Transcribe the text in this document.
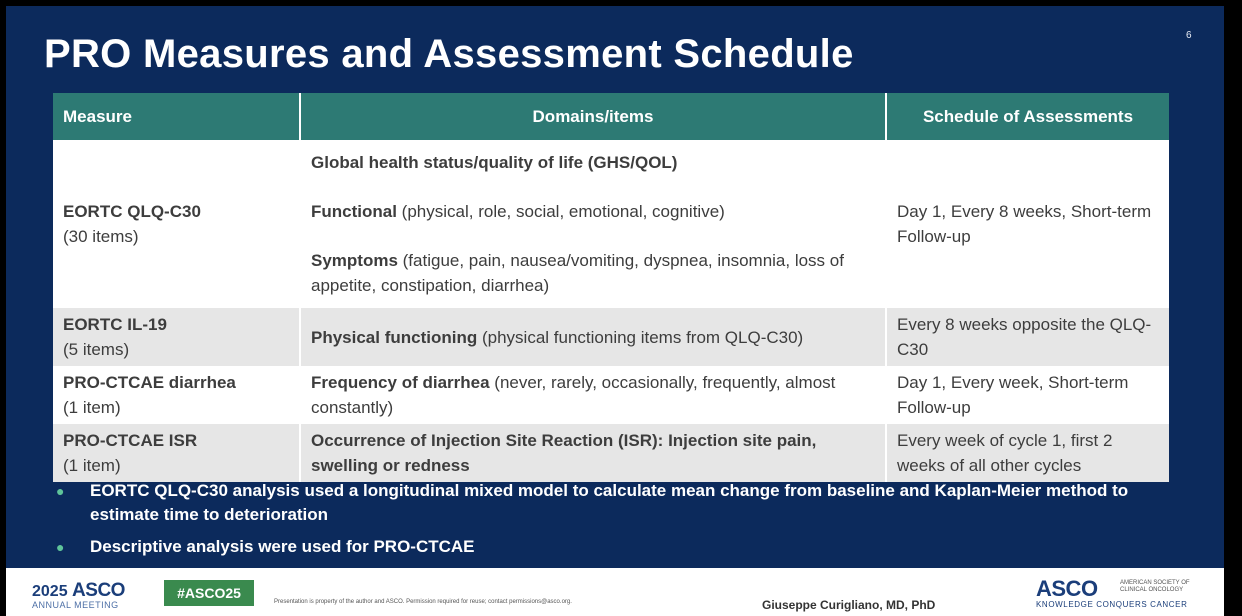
PRO Measures and Assessment Schedule	6
Measure	Domains/items	Schedule of Assessments
EORTC QLQ-C30
(30 items)	Global health status/quality of life (GHS/QOL)
Functional (physical, role, social, emotional, cognitive)
Symptoms (fatigue, pain, nausea/vomiting, dyspnea, insomnia, loss of appetite, constipation, diarrhea)	Day 1, Every 8 weeks, Short-term Follow-up
EORTC IL-19
(5 items)	Physical functioning (physical functioning items from QLQ-C30)	Every 8 weeks opposite the QLQ-C30
PRO-CTCAE diarrhea
(1 item)	Frequency of diarrhea (never, rarely, occasionally, frequently, almost constantly)	Day 1, Every week, Short-term Follow-up
PRO-CTCAE ISR
(1 item)	Occurrence of Injection Site Reaction (ISR): Injection site pain, swelling or redness	Every week of cycle 1, first 2 weeks of all other cycles
● EORTC QLQ-C30 analysis used a longitudinal mixed model to calculate mean change from baseline and Kaplan-Meier method to estimate time to deterioration
● Descriptive analysis were used for PRO-CTCAE
2025 ASCO
ANNUAL MEETING
#ASCO25
Presentation is property of the author and ASCO. Permission required for reuse; contact permissions@asco.org.	Giuseppe Curigliano, MD, PhD
ASCO	AMERICAN SOCIETY OF CLINICAL ONCOLOGY
KNOWLEDGE CONQUERS CANCER
